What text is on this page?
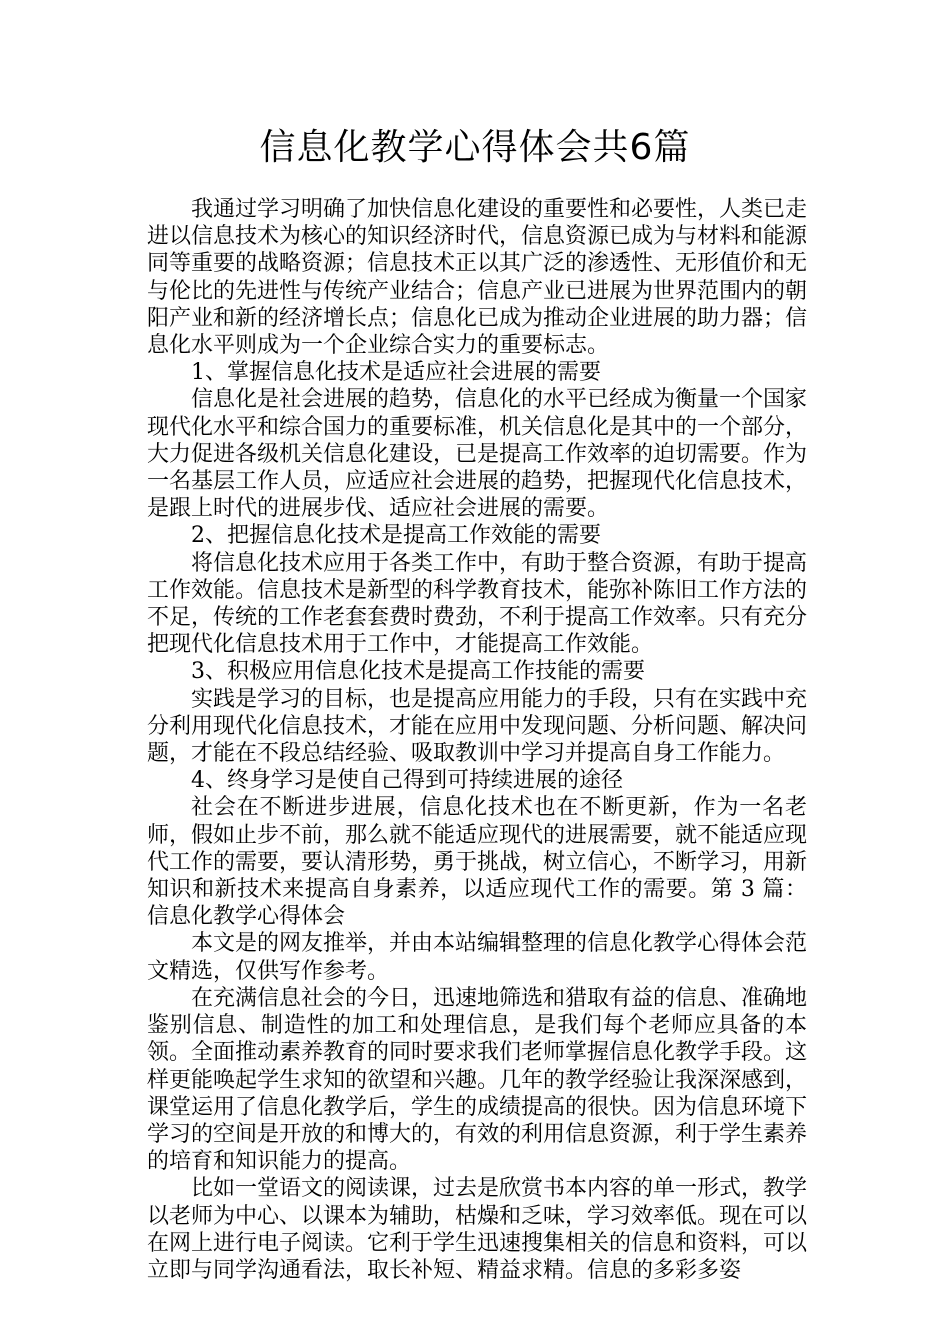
信息化教学心得体会共6篇

我通过学习明确了加快信息化建设的重要性和必要性，人类已走进以信息技术为核心的知识经济时代，信息资源已成为与材料和能源同等重要的战略资源；信息技术正以其广泛的渗透性、无形值价和无与伦比的先进性与传统产业结合；信息产业已进展为世界范围内的朝阳产业和新的经济增长点；信息化已成为推动企业进展的助力器；信息化水平则成为一个企业综合实力的重要标志。

1、掌握信息化技术是适应社会进展的需要

信息化是社会进展的趋势，信息化的水平已经成为衡量一个国家现代化水平和综合国力的重要标准，机关信息化是其中的一个部分，大力促进各级机关信息化建设，已是提高工作效率的迫切需要。作为一名基层工作人员，应适应社会进展的趋势，把握现代化信息技术，是跟上时代的进展步伐、适应社会进展的需要。

2、把握信息化技术是提高工作效能的需要

将信息化技术应用于各类工作中，有助于整合资源，有助于提高工作效能。信息技术是新型的科学教育技术，能弥补陈旧工作方法的不足，传统的工作老套套费时费劲，不利于提高工作效率。只有充分把现代化信息技术用于工作中，才能提高工作效能。

3、积极应用信息化技术是提高工作技能的需要

实践是学习的目标，也是提高应用能力的手段，只有在实践中充分利用现代化信息技术，才能在应用中发现问题、分析问题、解决问题，才能在不段总结经验、吸取教训中学习并提高自身工作能力。

4、终身学习是使自己得到可持续进展的途径

社会在不断进步进展，信息化技术也在不断更新，作为一名老师，假如止步不前，那么就不能适应现代的进展需要，就不能适应现代工作的需要，要认清形势，勇于挑战，树立信心，不断学习，用新知识和新技术来提高自身素养，以适应现代工作的需要。第 3 篇：信息化教学心得体会

本文是的网友推举，并由本站编辑整理的信息化教学心得体会范文精选，仅供写作参考。

在充满信息社会的今日，迅速地筛选和猎取有益的信息、准确地鉴别信息、制造性的加工和处理信息，是我们每个老师应具备的本领。全面推动素养教育的同时要求我们老师掌握信息化教学手段。这样更能唤起学生求知的欲望和兴趣。几年的教学经验让我深深感到，课堂运用了信息化教学后，学生的成绩提高的很快。因为信息环境下学习的空间是开放的和博大的，有效的利用信息资源，利于学生素养的培育和知识能力的提高。

比如一堂语文的阅读课，过去是欣赏书本内容的单一形式，教学以老师为中心、以课本为辅助，枯燥和乏味，学习效率低。现在可以在网上进行电子阅读。它利于学生迅速搜集相关的信息和资料，可以立即与同学沟通看法，取长补短、精益求精。信息的多彩多姿
